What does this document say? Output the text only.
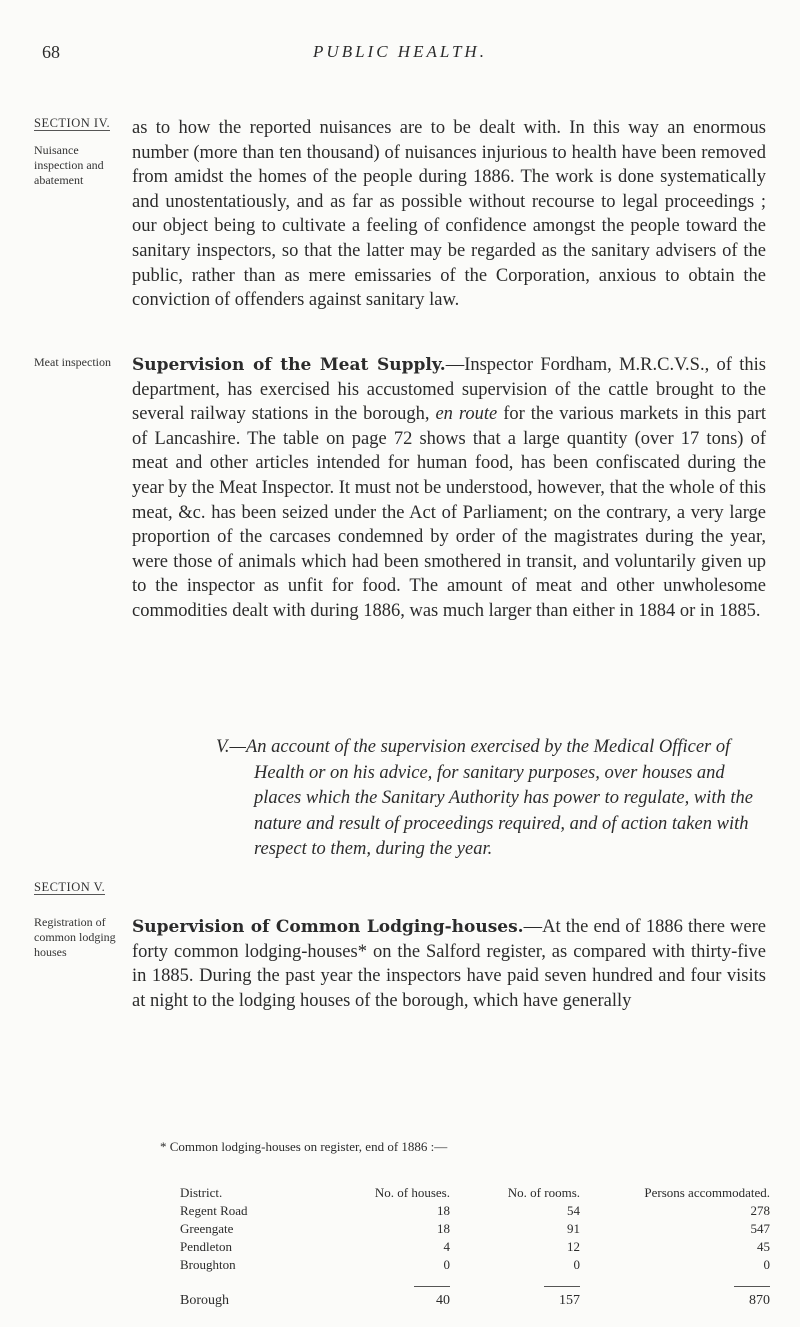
68	PUBLIC HEALTH.
SECTION IV.
Nuisance inspection and abatement
Meat inspection
SECTION V.
Registration of common lodging houses
as to how the reported nuisances are to be dealt with. In this way an enormous number (more than ten thousand) of nuisances injurious to health have been removed from amidst the homes of the people during 1886. The work is done systematically and unostentatiously, and as far as possible without recourse to legal proceedings ; our object being to cultivate a feeling of confidence amongst the people toward the sanitary inspectors, so that the latter may be regarded as the sanitary advisers of the public, rather than as mere emissaries of the Corporation, anxious to obtain the conviction of offenders against sanitary law.
Supervision of the Meat Supply.—Inspector Fordham, M.R.C.V.S., of this department, has exercised his accustomed supervision of the cattle brought to the several railway stations in the borough, en route for the various markets in this part of Lancashire. The table on page 72 shows that a large quantity (over 17 tons) of meat and other articles intended for human food, has been confiscated during the year by the Meat Inspector. It must not be understood, however, that the whole of this meat, &c. has been seized under the Act of Parliament; on the contrary, a very large proportion of the carcases condemned by order of the magistrates during the year, were those of animals which had been smothered in transit, and voluntarily given up to the inspector as unfit for food. The amount of meat and other unwholesome commodities dealt with during 1886, was much larger than either in 1884 or in 1885.
V.—An account of the supervision exercised by the Medical Officer of
Health or on his advice, for sanitary purposes, over houses and places which the Sanitary Authority has power to regulate, with the nature and result of proceedings required, and of action taken with respect to them, during the year.
Supervision of Common Lodging-houses.—At the end of 1886 there were forty common lodging-houses* on the Salford register, as compared with thirty-five in 1885. During the past year the inspectors have paid seven hundred and four visits at night to the lodging houses of the borough, which have generally
* Common lodging-houses on register, end of 1886 :—
District.	No. of houses.	No. of rooms.	Persons accommodated.
Regent Road	18	54	278
Greengate	18	91	547
Pendleton	4	12	45
Broughton	0	0	0

Borough	40	157	870
